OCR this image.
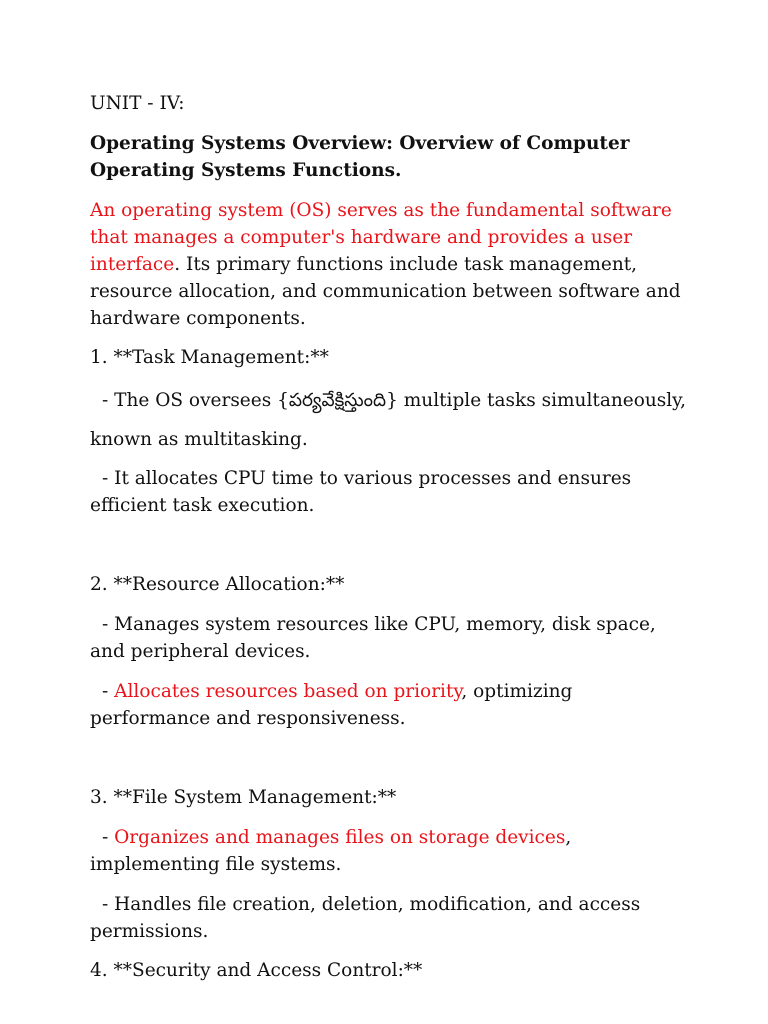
UNIT - IV:

Operating Systems Overview: Overview of Computer Operating Systems Functions.

An operating system (OS) serves as the fundamental software that manages a computer's hardware and provides a user interface. Its primary functions include task management, resource allocation, and communication between software and hardware components.

1. **Task Management:**

- The OS oversees {పర్యవేక్షిస్తుంది} multiple tasks simultaneously,

known as multitasking.

- It allocates CPU time to various processes and ensures efficient task execution.

2. **Resource Allocation:**

- Manages system resources like CPU, memory, disk space, and peripheral devices.

- Allocates resources based on priority, optimizing performance and responsiveness.

3. **File System Management:**

- Organizes and manages files on storage devices, implementing file systems.

- Handles file creation, deletion, modification, and access permissions.

4. **Security and Access Control:**
